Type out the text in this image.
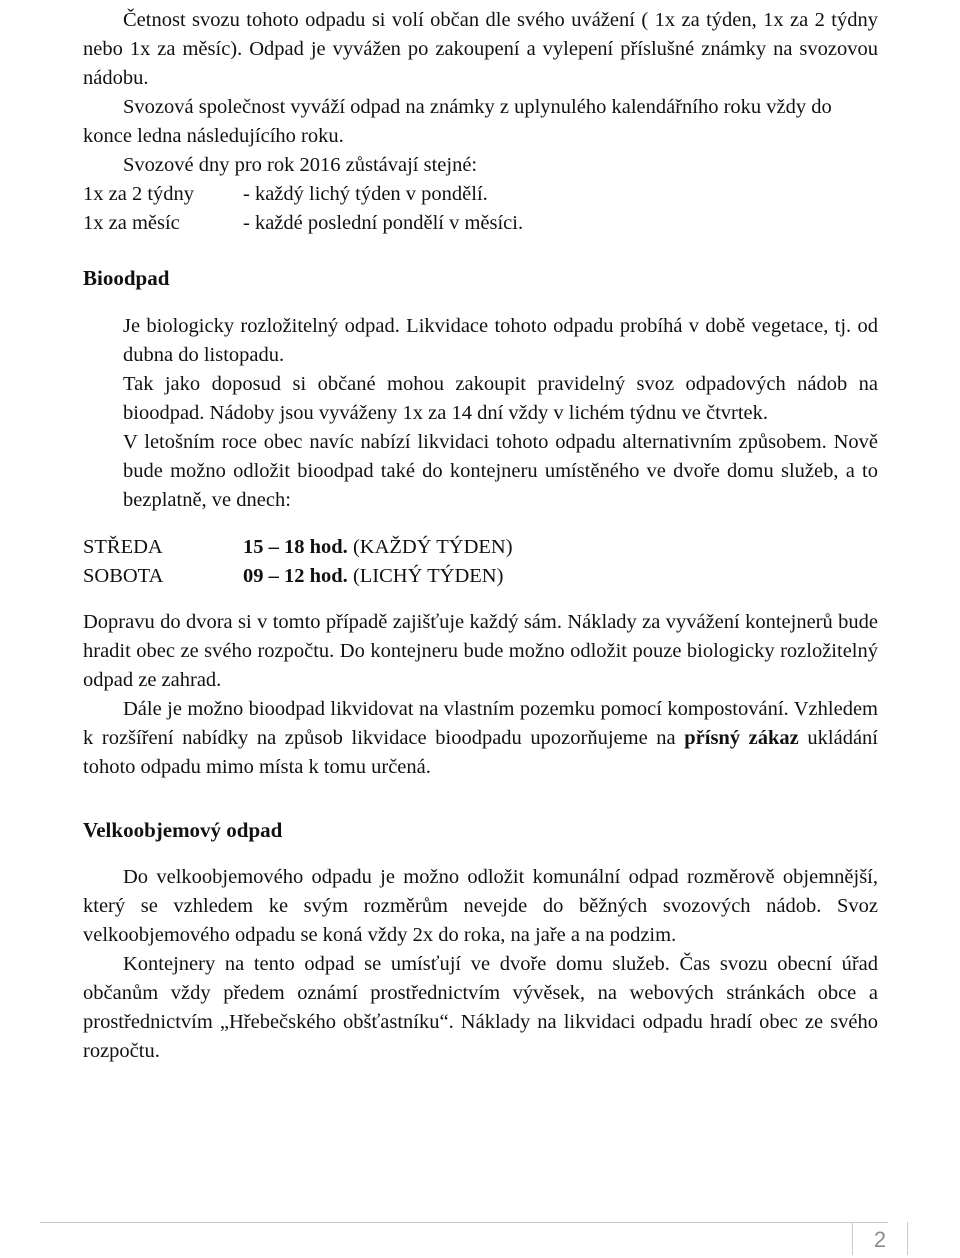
Četnost svozu tohoto odpadu si volí občan dle svého uvážení ( 1x za týden, 1x za 2 týdny nebo 1x za měsíc). Odpad je vyvážen po zakoupení a vylepení příslušné známky na svozovou nádobu.

Svozová společnost vyváží odpad na známky z uplynulého kalendářního roku vždy do konce ledna následujícího roku.

Svozové dny pro rok 2016 zůstávají stejné:

1x za 2 týdny	- každý lichý týden v pondělí.
1x za měsíc	- každé poslední pondělí v měsíci.

Bioodpad

Je biologicky rozložitelný odpad. Likvidace tohoto odpadu probíhá v době vegetace, tj. od dubna do listopadu.

Tak jako doposud si občané mohou zakoupit pravidelný svoz odpadových nádob na bioodpad. Nádoby jsou vyváženy 1x za 14 dní vždy v lichém týdnu ve čtvrtek.

V letošním roce obec navíc nabízí likvidaci tohoto odpadu alternativním způsobem. Nově bude možno odložit bioodpad také do kontejneru umístěného ve dvoře domu služeb, a to bezplatně, ve dnech:

STŘEDA	15 – 18 hod. (KAŽDÝ TÝDEN)
SOBOTA	09 – 12 hod. (LICHÝ TÝDEN)

Dopravu do dvora si v tomto případě zajišťuje každý sám. Náklady za vyvážení kontejnerů bude hradit obec ze svého rozpočtu. Do kontejneru bude možno odložit pouze biologicky rozložitelný odpad ze zahrad.

Dále je možno bioodpad likvidovat na vlastním pozemku pomocí kompostování. Vzhledem k rozšíření nabídky na způsob likvidace bioodpadu upozorňujeme na přísný zákaz ukládání tohoto odpadu mimo místa k tomu určená.

Velkoobjemový odpad

Do velkoobjemového odpadu je možno odložit komunální odpad rozměrově objemnější, který se vzhledem ke svým rozměrům nevejde do běžných svozových nádob. Svoz velkoobjemového odpadu se koná vždy 2x do roka, na jaře a na podzim.

Kontejnery na tento odpad se umísťují ve dvoře domu služeb. Čas svozu obecní úřad občanům vždy předem oznámí prostřednictvím vývěsek, na webových stránkách obce a prostřednictvím „Hřebečského obšťastníku“. Náklady na likvidaci odpadu hradí obec ze svého rozpočtu.

2
